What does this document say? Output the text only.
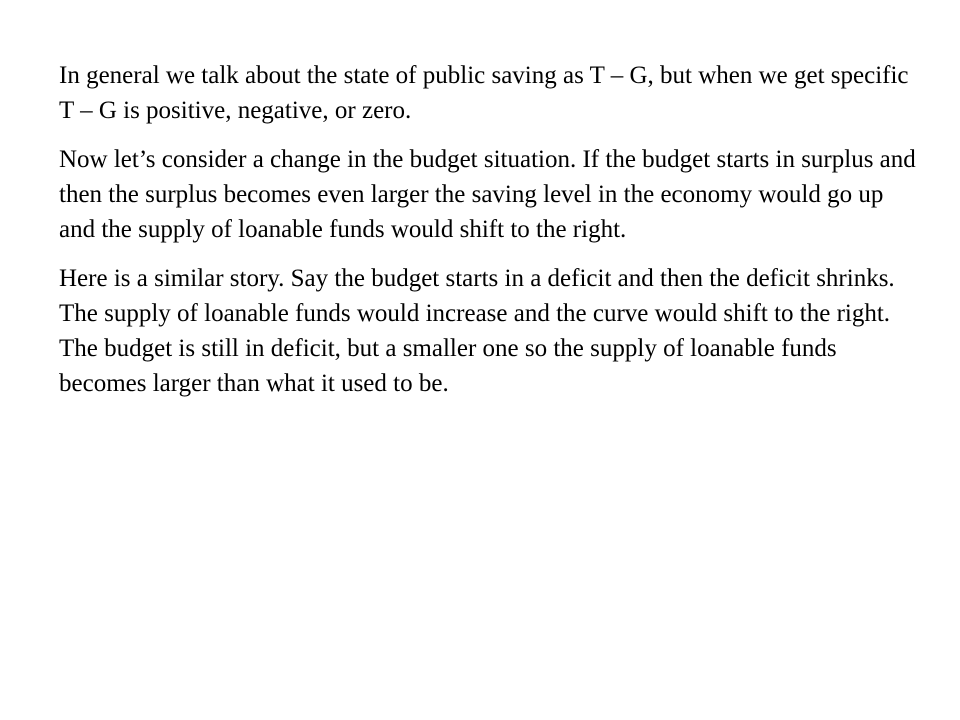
In general we talk about the state of public saving as T – G, but when we get specific T – G is positive, negative, or zero.

Now let’s consider a change in the budget situation. If the budget starts in surplus and then the surplus becomes even larger the saving level in the economy would go up and the supply of loanable funds would shift to the right.

Here is a similar story. Say the budget starts in a deficit and then the deficit shrinks. The supply of loanable funds would increase and the curve would shift to the right. The budget is still in deficit, but a smaller one so the supply of loanable funds becomes larger than what it used to be.
